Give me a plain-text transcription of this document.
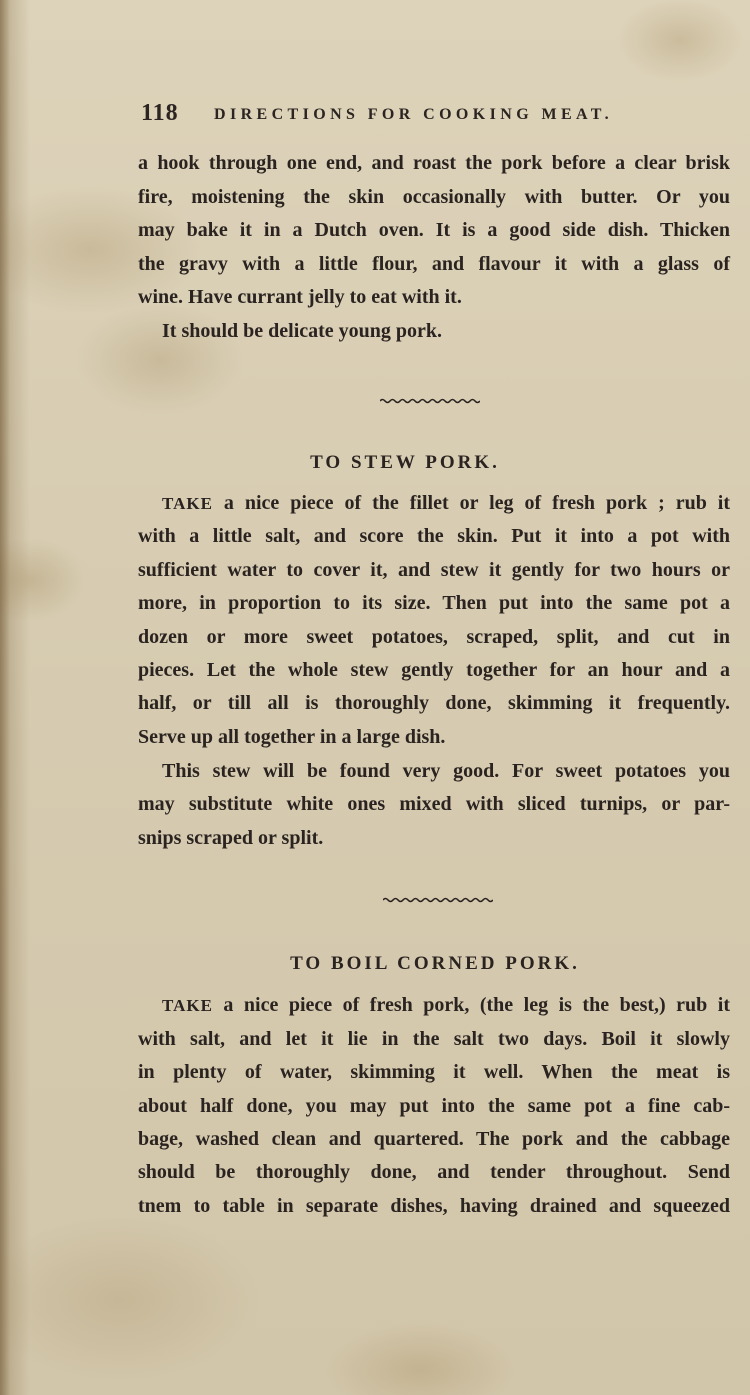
118 DIRECTIONS FOR COOKING MEAT.
a hook through one end, and roast the pork before a clear brisk
fire, moistening the skin occasionally with butter. Or you
may bake it in a Dutch oven. It is a good side dish. Thicken
the gravy with a little flour, and flavour it with a glass of
wine. Have currant jelly to eat with it.
It should be delicate young pork.
TO STEW PORK.
TAKE a nice piece of the fillet or leg of fresh pork ; rub it
with a little salt, and score the skin. Put it into a pot with
sufficient water to cover it, and stew it gently for two hours or
more, in proportion to its size. Then put into the same pot a
dozen or more sweet potatoes, scraped, split, and cut in
pieces. Let the whole stew gently together for an hour and a
half, or till all is thoroughly done, skimming it frequently.
Serve up all together in a large dish.
This stew will be found very good. For sweet potatoes you
may substitute white ones mixed with sliced turnips, or par-
snips scraped or split.
TO BOIL CORNED PORK.
TAKE a nice piece of fresh pork, (the leg is the best,) rub it
with salt, and let it lie in the salt two days. Boil it slowly
in plenty of water, skimming it well. When the meat is
about half done, you may put into the same pot a fine cab-
bage, washed clean and quartered. The pork and the cabbage
should be thoroughly done, and tender throughout. Send
tnem to table in separate dishes, having drained and squeezed
